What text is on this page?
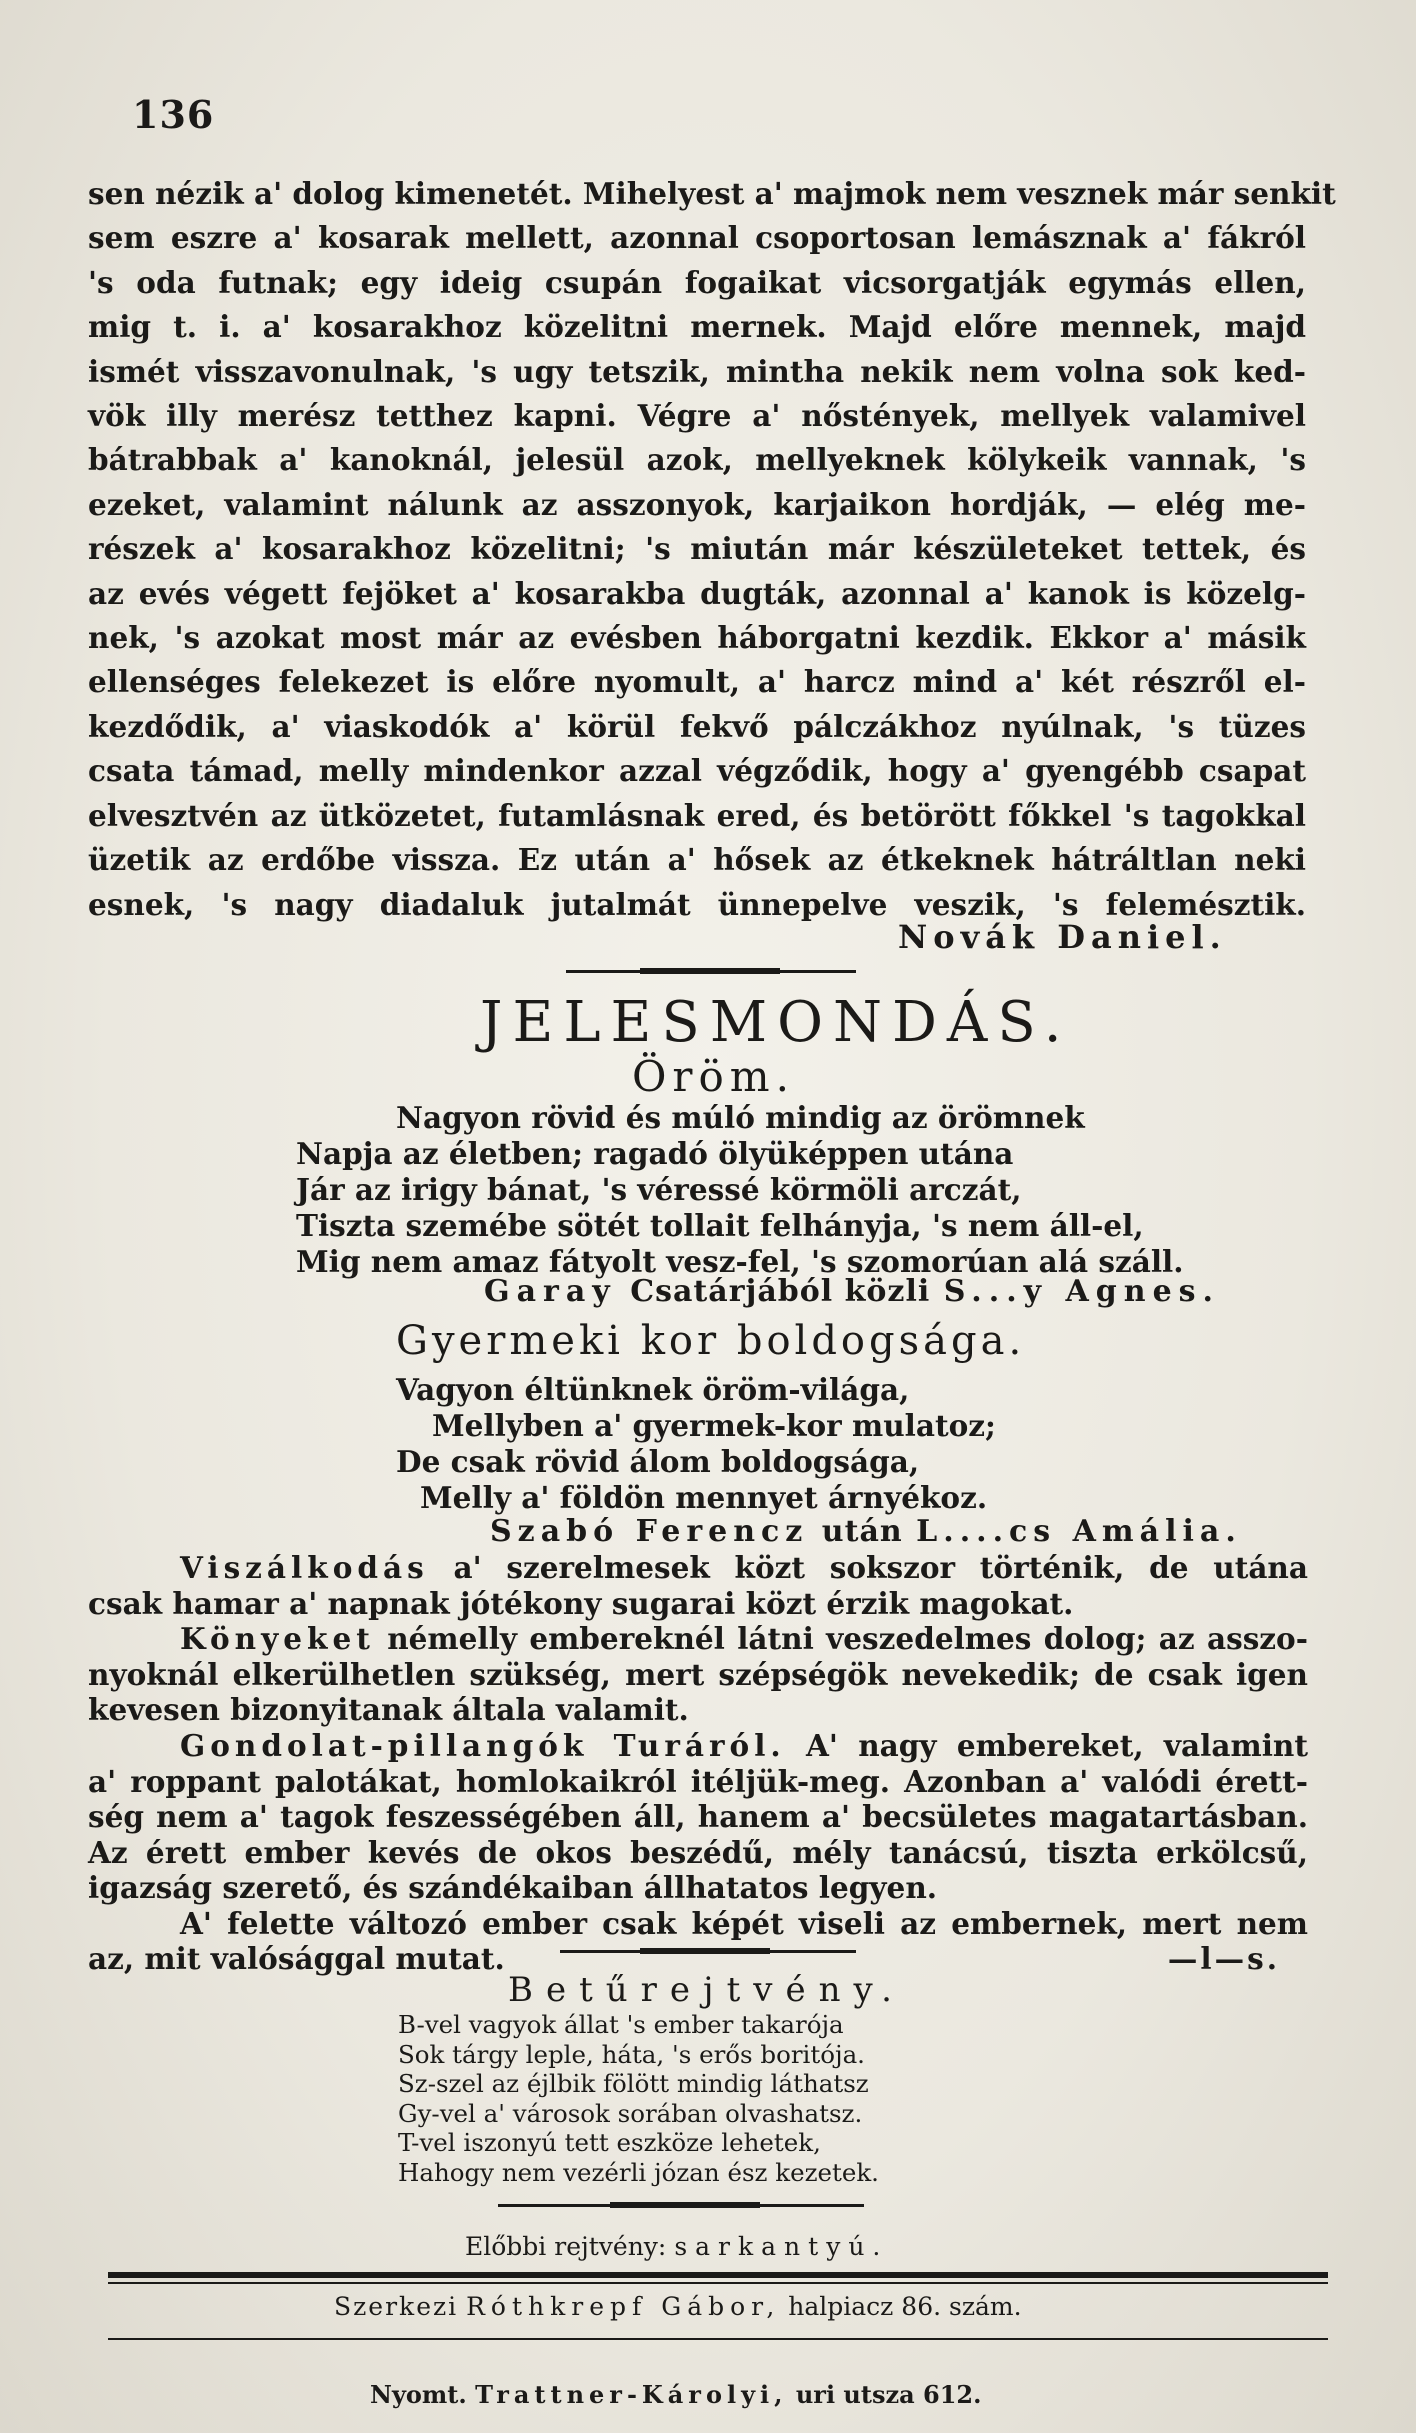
136
sen nézik a' dolog kimenetét. Mihelyest a' majmok nem vesznek már senkit
sem eszre a' kosarak mellett, azonnal csoportosan lemásznak a' fákról
's oda futnak; egy ideig csupán fogaikat vicsorgatják egymás ellen,
mig t. i. a' kosarakhoz közelitni mernek. Majd előre mennek, majd
ismét visszavonulnak, 's ugy tetszik, mintha nekik nem volna sok ked-
vök illy merész tetthez kapni. Végre a' nőstények, mellyek valamivel
bátrabbak a' kanoknál, jelesül azok, mellyeknek kölykeik vannak, 's
ezeket, valamint nálunk az asszonyok, karjaikon hordják, — elég me-
részek a' kosarakhoz közelitni; 's miután már készületeket tettek, és
az evés végett fejöket a' kosarakba dugták, azonnal a' kanok is közelg-
nek, 's azokat most már az evésben háborgatni kezdik. Ekkor a' másik
ellenséges felekezet is előre nyomult, a' harcz mind a' két részről el-
kezdődik, a' viaskodók a' körül fekvő pálczákhoz nyúlnak, 's tüzes
csata támad, melly mindenkor azzal végződik, hogy a' gyengébb csapat
elvesztvén az ütközetet, futamlásnak ered, és betörött főkkel 's tagokkal
üzetik az erdőbe vissza. Ez után a' hősek az étkeknek hátráltlan neki
esnek, 's nagy diadaluk jutalmát ünnepelve veszik, 's felemésztik.
Novák Daniel.
JELESMONDÁS.
Öröm.
Nagyon rövid és múló mindig az örömnek
Napja az életben; ragadó ölyüképpen utána
Jár az irigy bánat, 's véressé körmöli arczát,
Tiszta szemébe sötét tollait felhányja, 's nem áll-el,
Mig nem amaz fátyolt vesz-fel, 's szomorúan alá száll.
Garay Csatárjából közli S...y Agnes.
Gyermeki kor boldogsága.
Vagyon éltünknek öröm-világa,
Mellyben a' gyermek-kor mulatoz;
De csak rövid álom boldogsága,
Melly a' földön mennyet árnyékoz.
Szabó Ferencz után L....cs Amália.
Viszálkodás a' szerelmesek közt sokszor történik, de utána
csak hamar a' napnak jótékony sugarai közt érzik magokat.
Könyeket némelly embereknél látni veszedelmes dolog; az asszo-
nyoknál elkerülhetlen szükség, mert szépségök nevekedik; de csak igen
kevesen bizonyitanak általa valamit.
Gondolat-pillangók Turáról. A' nagy embereket, valamint
a' roppant palotákat, homlokaikról itéljük-meg. Azonban a' valódi érett-
ség nem a' tagok feszességében áll, hanem a' becsületes magatartásban.
Az érett ember kevés de okos beszédű, mély tanácsú, tiszta erkölcsű,
igazság szerető, és szándékaiban állhatatos legyen.
A' felette változó ember csak képét viseli az embernek, mert nem
az, mit valósággal mutat.	—l—s.
Betűrejtvény.
B-vel vagyok állat 's ember takarója
Sok tárgy leple, háta, 's erős boritója.
Sz-szel az éjlbik fölött mindig láthatsz
Gy-vel a' városok sorában olvashatsz.
T-vel iszonyú tett eszköze lehetek,
Hahogy nem vezérli józan ész kezetek.
Előbbi rejtvény: sarkantyú.
Szerkezi Róthkrepf Gábor, halpiacz 86. szám.
Nyomt. Trattner-Károlyi, uri utsza 612.
